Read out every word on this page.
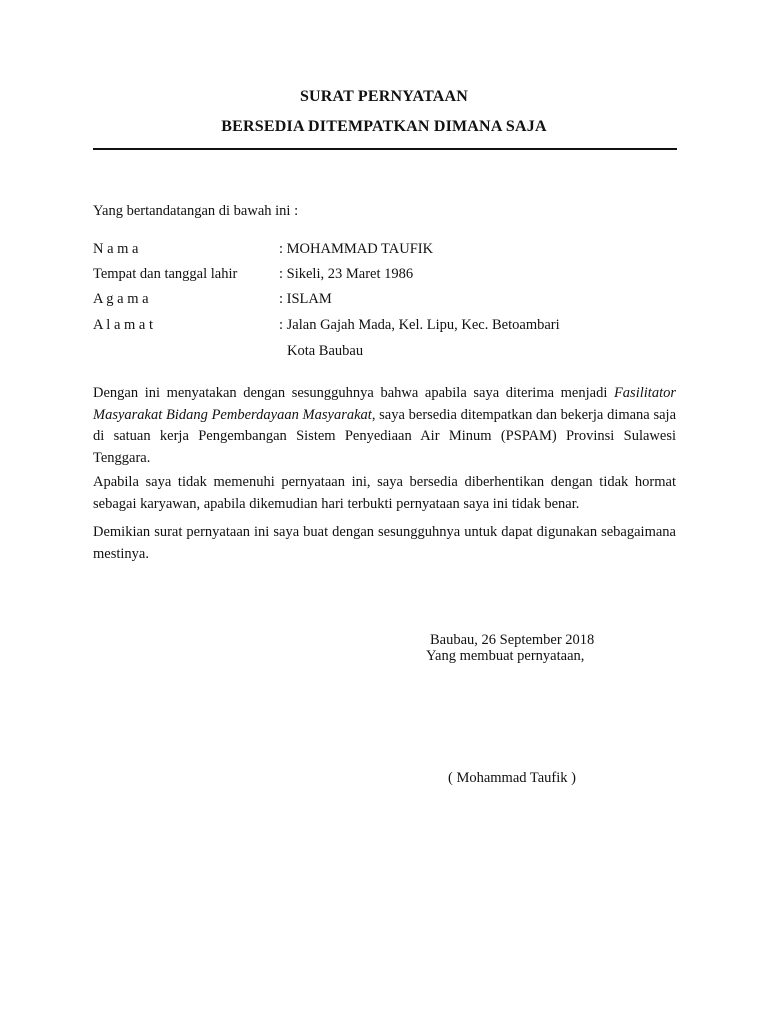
SURAT PERNYATAAN
BERSEDIA DITEMPATKAN DIMANA SAJA
Yang bertandatangan di bawah ini :
N a m a	: MOHAMMAD TAUFIK
Tempat dan tanggal lahir	: Sikeli, 23 Maret 1986
A g a m a	: ISLAM
A l a m a t	: Jalan Gajah Mada, Kel. Lipu, Kec. Betoambari
Kota Baubau
Dengan ini menyatakan dengan sesungguhnya bahwa apabila saya diterima menjadi Fasilitator Masyarakat Bidang Pemberdayaan Masyarakat, saya bersedia ditempatkan dan bekerja dimana saja di satuan kerja Pengembangan Sistem Penyediaan Air Minum (PSPAM) Provinsi Sulawesi Tenggara.
Apabila saya tidak memenuhi pernyataan ini, saya bersedia diberhentikan dengan tidak hormat sebagai karyawan, apabila dikemudian hari terbukti pernyataan saya ini tidak benar.
Demikian surat pernyataan ini saya buat dengan sesungguhnya untuk dapat digunakan sebagaimana mestinya.
Baubau, 26 September 2018
Yang membuat pernyataan,
( Mohammad Taufik )
